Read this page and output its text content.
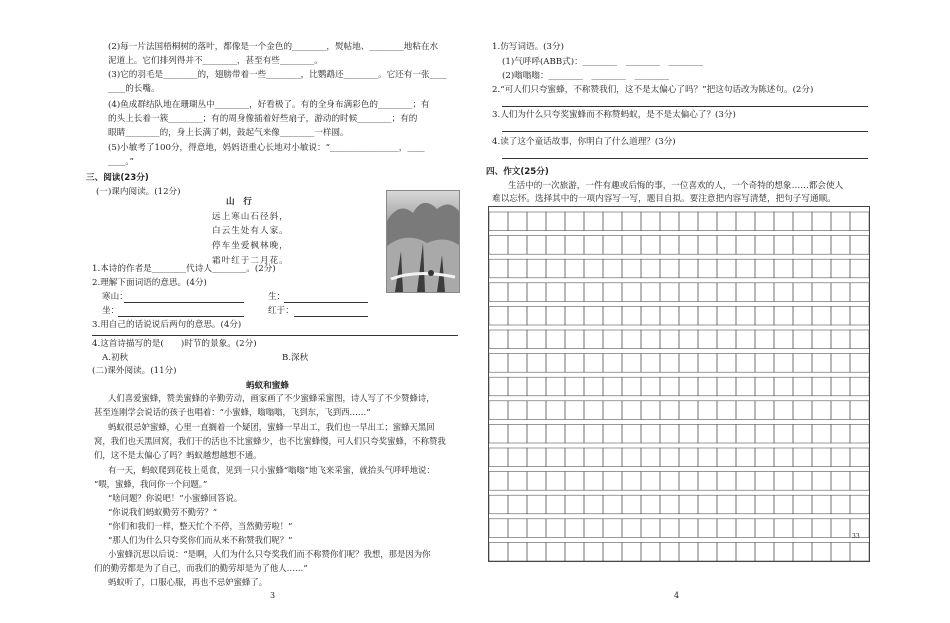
(2)每一片法国梧桐树的落叶，都像是一个金色的________，熨帖地、________地粘在水
泥道上。它们排列得并不________，甚至有些________。
(3)它的羽毛是________的，翅膀带着一些________，比鹦鹉还________。它还有一张____
____的长嘴。
(4)鱼成群结队地在珊瑚丛中________，好看极了。有的全身布满彩色的________；有
的头上长着一簇________；有的周身像插着好些扇子，游动的时候________；有的
眼睛________的，身上长满了刺，鼓起气来像________一样圆。
(5)小敏考了100分，得意地，妈妈语重心长地对小敏说：“________________，____
____。”
三、阅读(23分)
(一)课内阅读。(12分)
山　行
远上寒山石径斜，
白云生处有人家。
停车坐爱枫林晚，
霜叶红于二月花。
1.本诗的作者是________代诗人________。(2分)
2.理解下面词语的意思。(4分)
寒山：	生：
坐：	红于：
3.用自己的话说说后两句的意思。(4分)
4.这首诗描写的是(　　)时节的景象。(2分)
A.初秋	B.深秋
(二)课外阅读。(11分)
蚂蚁和蜜蜂
人们喜爱蜜蜂，赞美蜜蜂的辛勤劳动，画家画了不少蜜蜂采蜜图，诗人写了不少赞蜂诗，
甚至连刚学会说话的孩子也唱着：“小蜜蜂，嗡嗡嗡，飞到东，飞到西……”
蚂蚁很忌妒蜜蜂，心里一直搁着一个疑团，蜜蜂一早出工，我们也一早出工；蜜蜂天黑回
窝，我们也天黑回窝，我们干的活也不比蜜蜂少，也不比蜜蜂慢，可人们只夸奖蜜蜂，不称赞我
们，这不是太偏心了吗？蚂蚁越想越想不通。
有一天，蚂蚁爬到花枝上觅食，见到一只小蜜蜂“嗡嗡”地飞来采蜜，就抬头气呼呼地说：
“喂，蜜蜂，我问你一个问题。”
“啥问题？你说吧！”小蜜蜂回答说。
“你说我们蚂蚁勤劳不勤劳？”
“你们和我们一样，整天忙个不停，当然勤劳啦！”
“那人们为什么只夸奖你们而从来不称赞我们呢？”
小蜜蜂沉思以后说：“是啊，人们为什么只夸奖我们而不称赞你们呢？我想，那是因为你
们的勤劳都是为了自己，而我们的勤劳却是为了他人……”
蚂蚁听了，口服心服，再也不忌妒蜜蜂了。
3
1.仿写词语。(3分)
(1)气呼呼(ABB式)：________　________　________
(2)嗡嗡嗡：________　________　________
2.“可人们只夸蜜蜂，不称赞我们，这不是太偏心了吗？”把这句话改为陈述句。(2分)
3.人们为什么只夸奖蜜蜂而不称赞蚂蚁，是不是太偏心了？(3分)
4.读了这个童话故事，你明白了什么道理？(3分)
四、作文(25分)
生活中的一次旅游，一件有趣或后悔的事，一位喜欢的人，一个奇特的想象……都会使人
难以忘怀。选择其中的一项内容写一写，题目自拟。要注意把内容写清楚，把句子写通顺。
33
4
